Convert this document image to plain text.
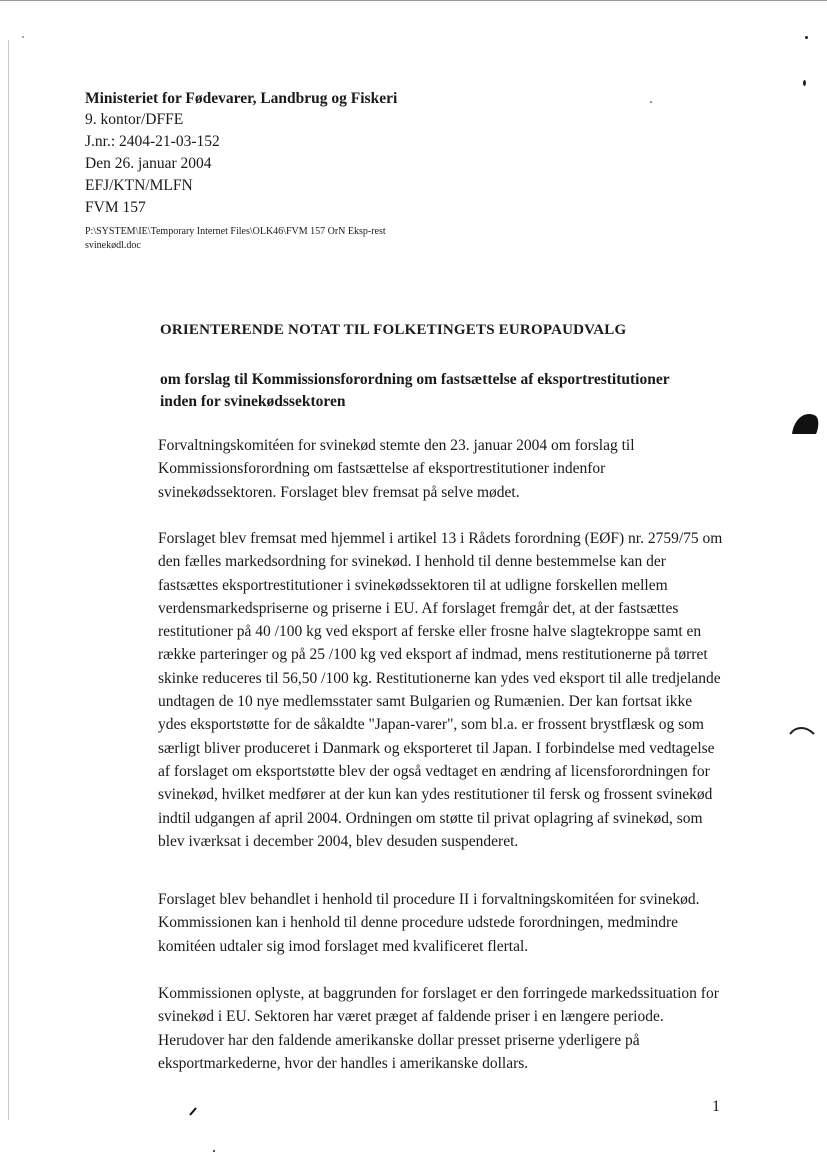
Ministeriet for Fødevarer, Landbrug og Fiskeri
9. kontor/DFFE
J.nr.: 2404-21-03-152
Den 26. januar 2004
EFJ/KTN/MLFN
FVM 157
P:\SYSTEM\IE\Temporary Internet Files\OLK46\FVM 157 OrN Eksp-rest
svinekødl.doc
ORIENTERENDE NOTAT TIL FOLKETINGETS EUROPAUDVALG
om forslag til Kommissionsforordning om fastsættelse af eksportrestitutioner
inden for svinekødssektoren
Forvaltningskomitéen for svinekød stemte den 23. januar 2004 om forslag til Kommissionsforordning om fastsættelse af eksportrestitutioner indenfor svinekødssektoren. Forslaget blev fremsat på selve mødet.
Forslaget blev fremsat med hjemmel i artikel 13 i Rådets forordning (EØF) nr. 2759/75 om den fælles markedsordning for svinekød. I henhold til denne bestemmelse kan der fastsættes eksportrestitutioner i svinekødssektoren til at udligne forskellen mellem verdensmarkedspriserne og priserne i EU. Af forslaget fremgår det, at der fastsættes restitutioner på 40 /100 kg ved eksport af ferske eller frosne halve slagtekroppe samt en række parteringer og på 25 /100 kg ved eksport af indmad, mens restitutionerne på tørret skinke reduceres til 56,50 /100 kg. Restitutionerne kan ydes ved eksport til alle tredjelande undtagen de 10 nye medlemsstater samt Bulgarien og Rumænien. Der kan fortsat ikke ydes eksportstøtte for de såkaldte "Japan-varer", som bl.a. er frossent brystflæsk og som særligt bliver produceret i Danmark og eksporteret til Japan. I forbindelse med vedtagelse af forslaget om eksportstøtte blev der også vedtaget en ændring af licensforordningen for svinekød, hvilket medfører at der kun kan ydes restitutioner til fersk og frossent svinekød indtil udgangen af april 2004. Ordningen om støtte til privat oplagring af svinekød, som blev iværksat i december 2004, blev desuden suspenderet.
Forslaget blev behandlet i henhold til procedure II i forvaltningskomitéen for svinekød. Kommissionen kan i henhold til denne procedure udstede forordningen, medmindre komitéen udtaler sig imod forslaget med kvalificeret flertal.
Kommissionen oplyste, at baggrunden for forslaget er den forringede markedssituation for svinekød i EU. Sektoren har været præget af faldende priser i en længere periode. Herudover har den faldende amerikanske dollar presset priserne yderligere på eksportmarkederne, hvor der handles i amerikanske dollars.
1
